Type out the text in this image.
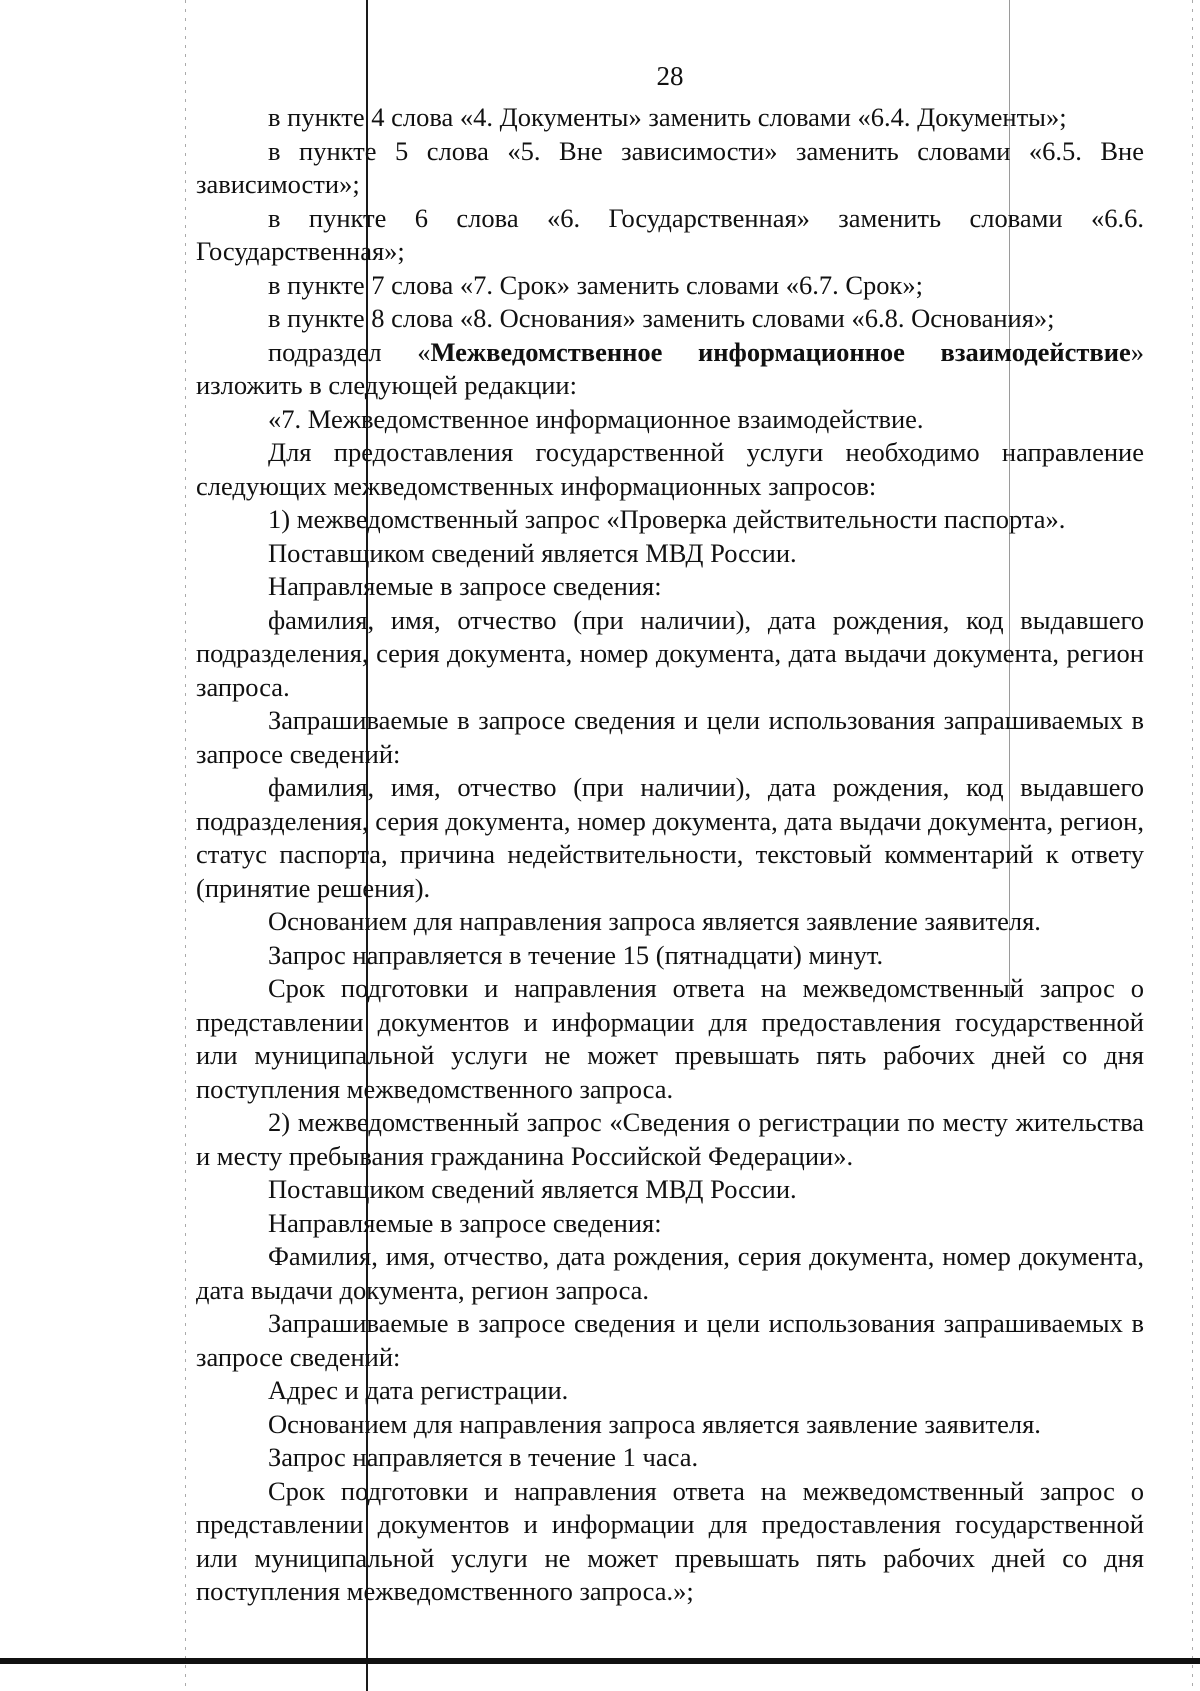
28

в пункте 4 слова «4. Документы» заменить словами «6.4. Документы»;

в пункте 5 слова «5. Вне зависимости» заменить словами «6.5. Вне зависимости»;

в пункте 6 слова «6. Государственная» заменить словами «6.6. Государственная»;

в пункте 7 слова «7. Срок» заменить словами «6.7. Срок»;

в пункте 8 слова «8. Основания» заменить словами «6.8. Основания»;

подраздел «Межведомственное информационное взаимодействие» изложить в следующей редакции:

«7. Межведомственное информационное взаимодействие.

Для предоставления государственной услуги необходимо направление следующих межведомственных информационных запросов:

1) межведомственный запрос «Проверка действительности паспорта».

Поставщиком сведений является МВД России.

Направляемые в запросе сведения:

фамилия, имя, отчество (при наличии), дата рождения, код выдавшего подразделения, серия документа, номер документа, дата выдачи документа, регион запроса.

Запрашиваемые в запросе сведения и цели использования запрашиваемых в запросе сведений:

фамилия, имя, отчество (при наличии), дата рождения, код выдавшего подразделения, серия документа, номер документа, дата выдачи документа, регион, статус паспорта, причина недействительности, текстовый комментарий к ответу (принятие решения).

Основанием для направления запроса является заявление заявителя.

Запрос направляется в течение 15 (пятнадцати) минут.

Срок подготовки и направления ответа на межведомственный запрос о представлении документов и информации для предоставления государственной или муниципальной услуги не может превышать пять рабочих дней со дня поступления межведомственного запроса.

2) межведомственный запрос «Сведения о регистрации по месту жительства и месту пребывания гражданина Российской Федерации».

Поставщиком сведений является МВД России.

Направляемые в запросе сведения:

Фамилия, имя, отчество, дата рождения, серия документа, номер документа, дата выдачи документа, регион запроса.

Запрашиваемые в запросе сведения и цели использования запрашиваемых в запросе сведений:

Адрес и дата регистрации.

Основанием для направления запроса является заявление заявителя.

Запрос направляется в течение 1 часа.

Срок подготовки и направления ответа на межведомственный запрос о представлении документов и информации для предоставления государственной или муниципальной услуги не может превышать пять рабочих дней со дня поступления межведомственного запроса.»;
